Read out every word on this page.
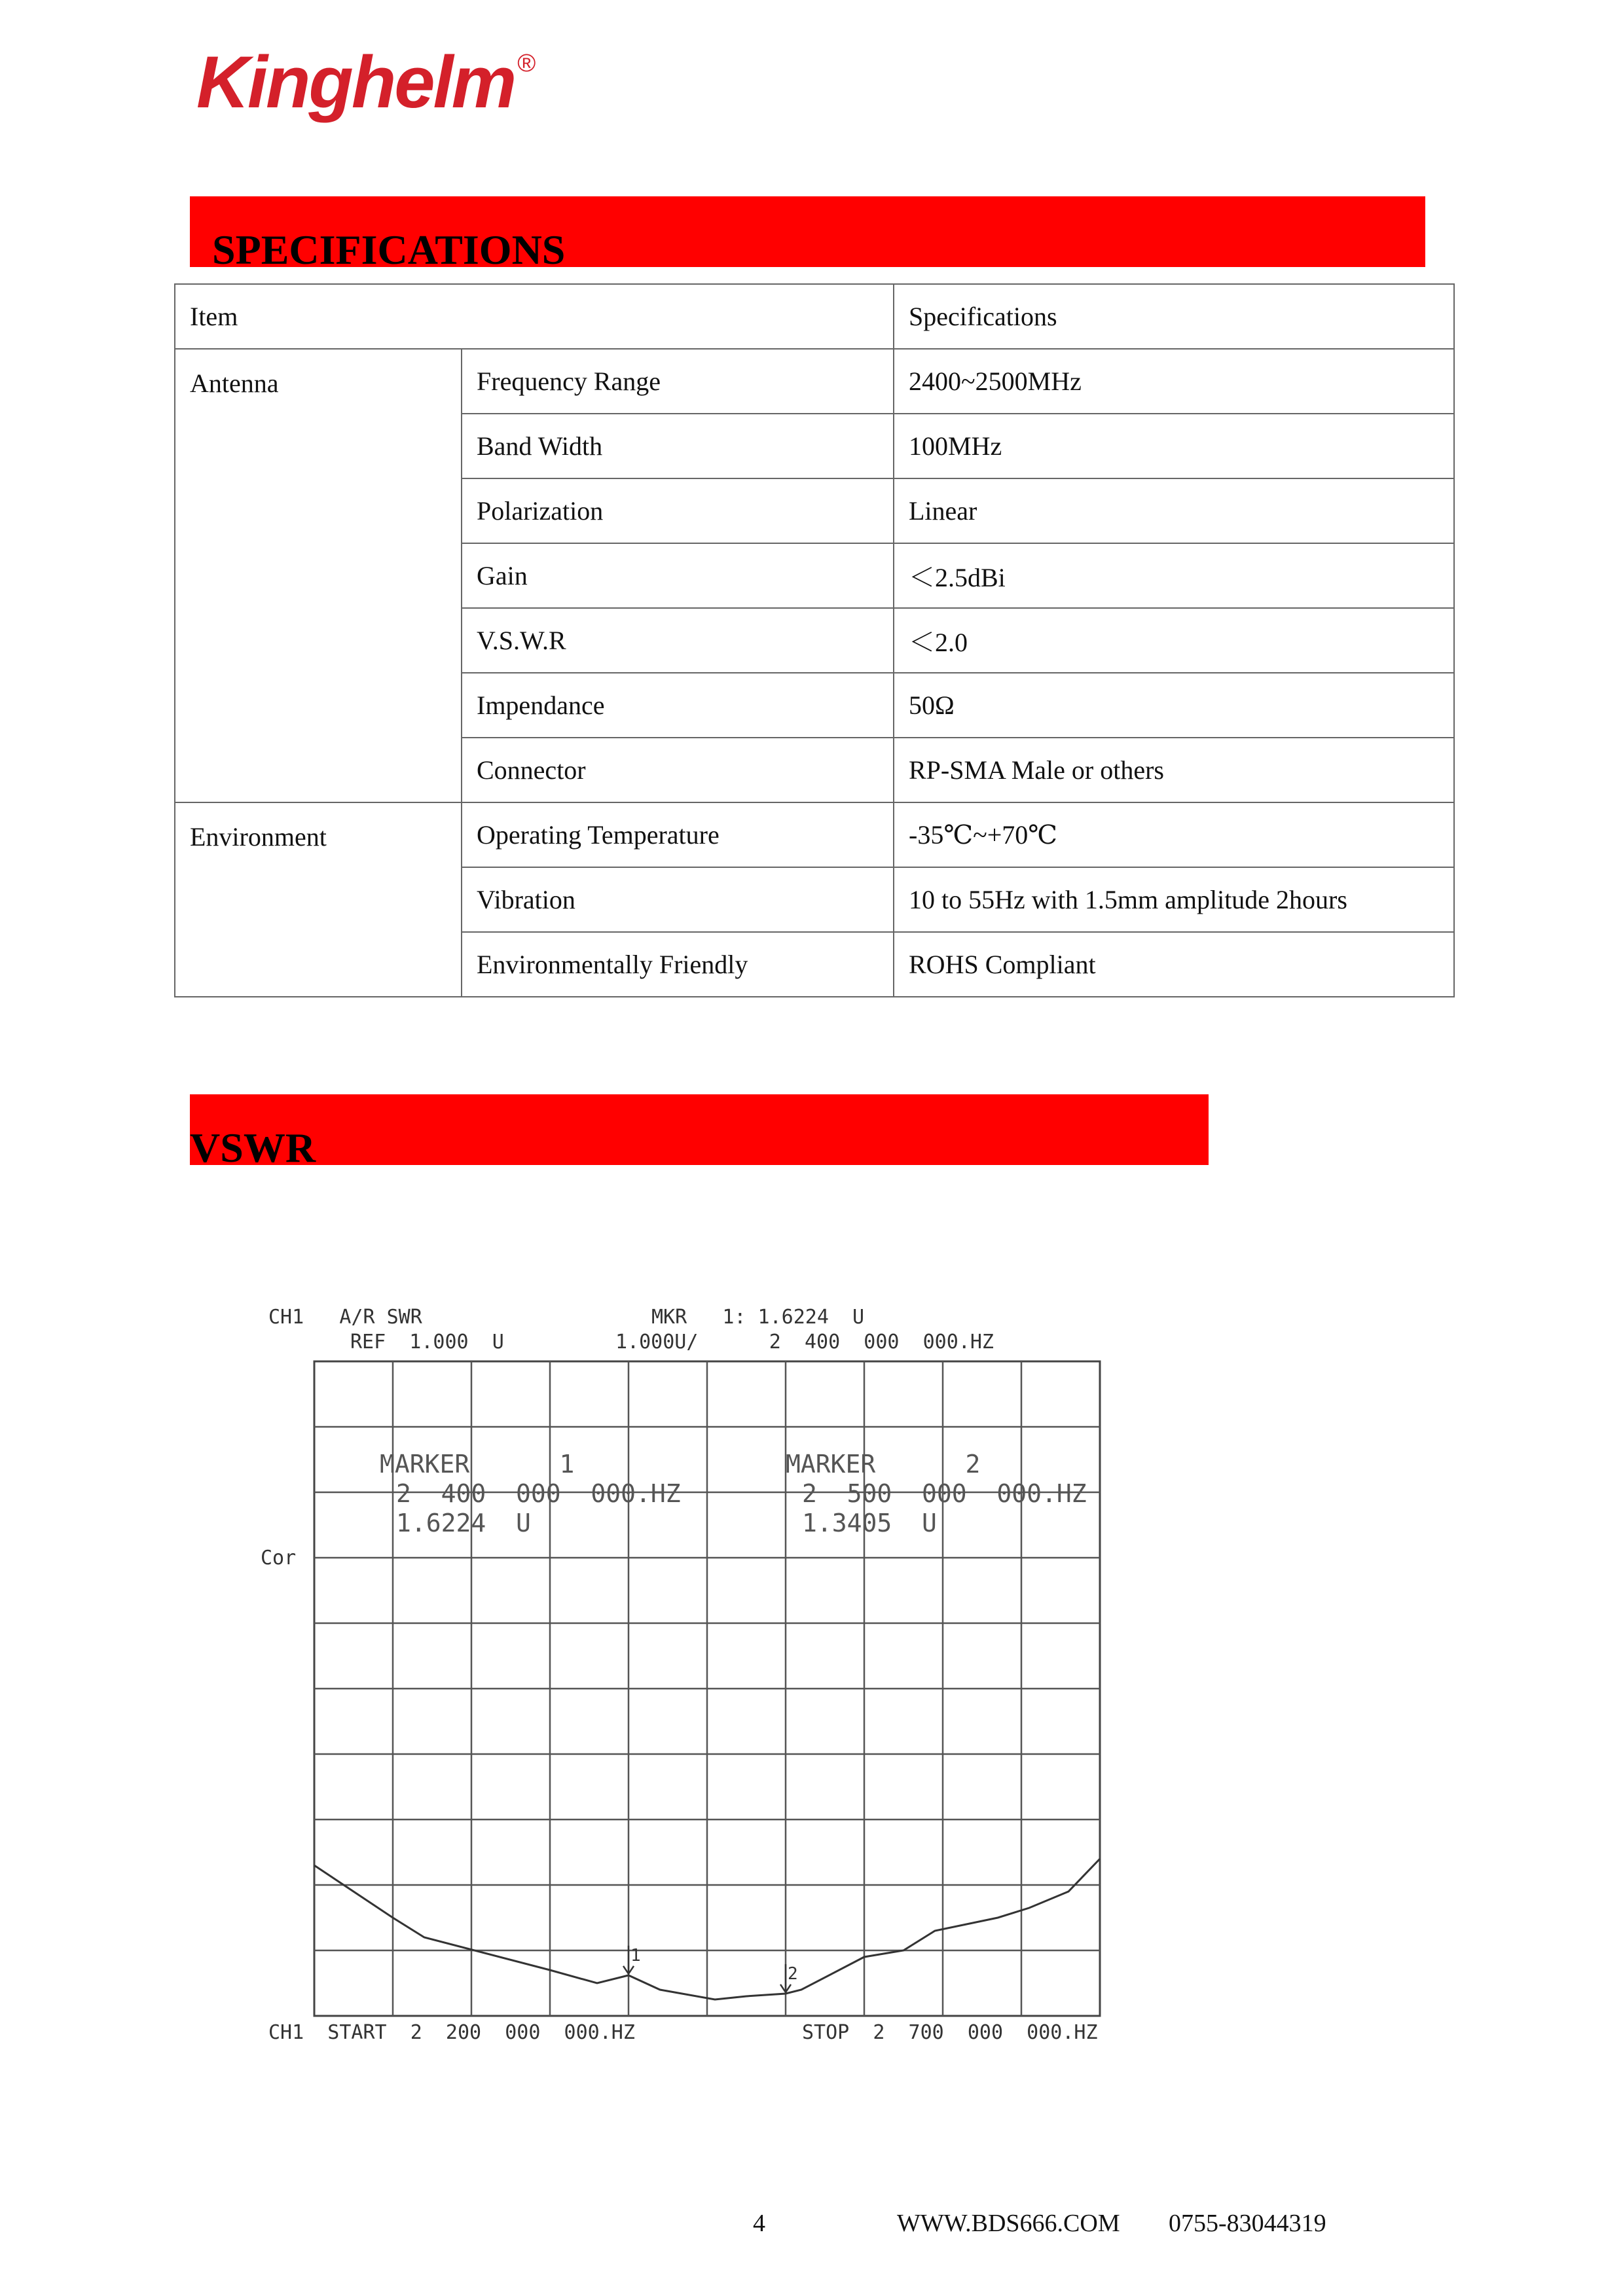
Kinghelm ®
SPECIFICATIONS
Item		Specifications
Antenna	Frequency Range	2400~2500MHz
	Band Width	100MHz
	Polarization	Linear
	Gain	＜2.5dBi
	V.S.W.R	＜2.0
	Impendance	50Ω
	Connector	RP-SMA Male or others
Environment	Operating Temperature	-35℃~+70℃
	Vibration	10 to 55Hz with 1.5mm amplitude 2hours
	Environmentally Friendly	ROHS Compliant
VSWR
CH1   A/R SWR
REF  1.000  U
MKR   1: 1.6224  U
1.000U/      2  400  000  000.HZ
Cor
CH1  START  2  200  000  000.HZ	STOP  2  700  000  000.HZ
MARKER      1
2  400  000  000.HZ
1.6224  U
MARKER      2
2  500  000  000.HZ
1.3405  U
1
2
4	WWW.BDS666.COM 0755-83044319
